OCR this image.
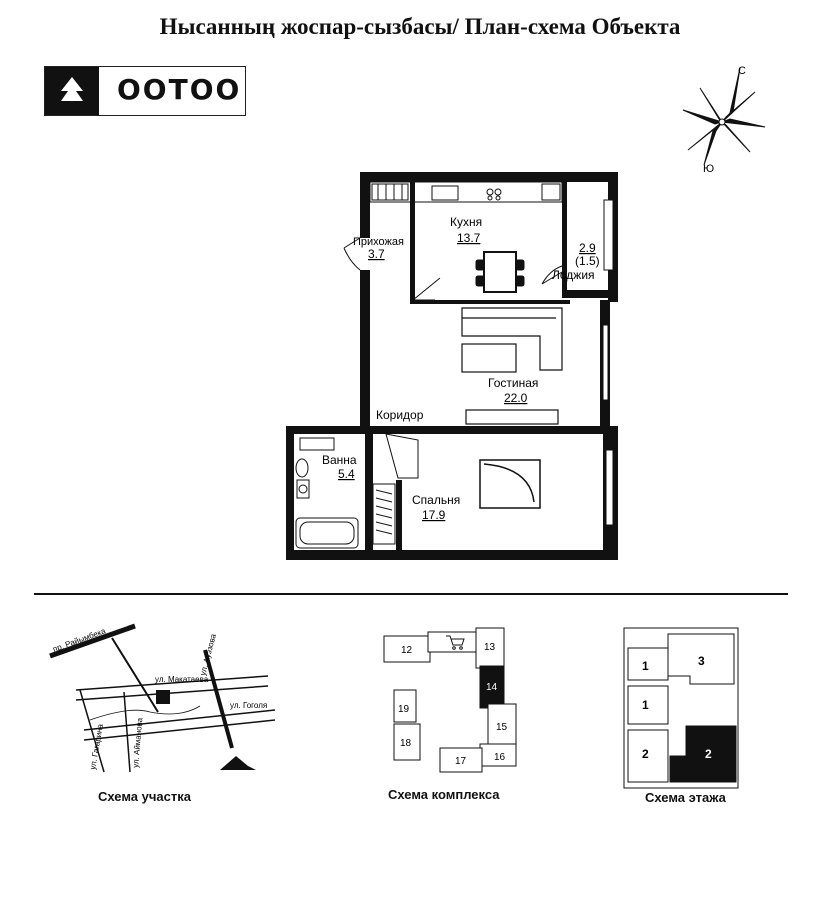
Нысанның жоспар-сызбасы/ План-схема Объекта
OOTOO
С
Ю
Кухня
13.7
Прихожая
3.7	2.9
(1.5)
Лоджия
Гостиная
22.0
Коридор
Ванна
5.4
Спальня
17.9
пр. Райымбека
ул. Макатаева
ул. Гоголя
ул. Гагарина	ул. Айманова
ул. Ауэзова	12	13
14
15
16
17
18
19
1	3
1
2	2
Схема участка	Схема комплекса	Схема этажа
